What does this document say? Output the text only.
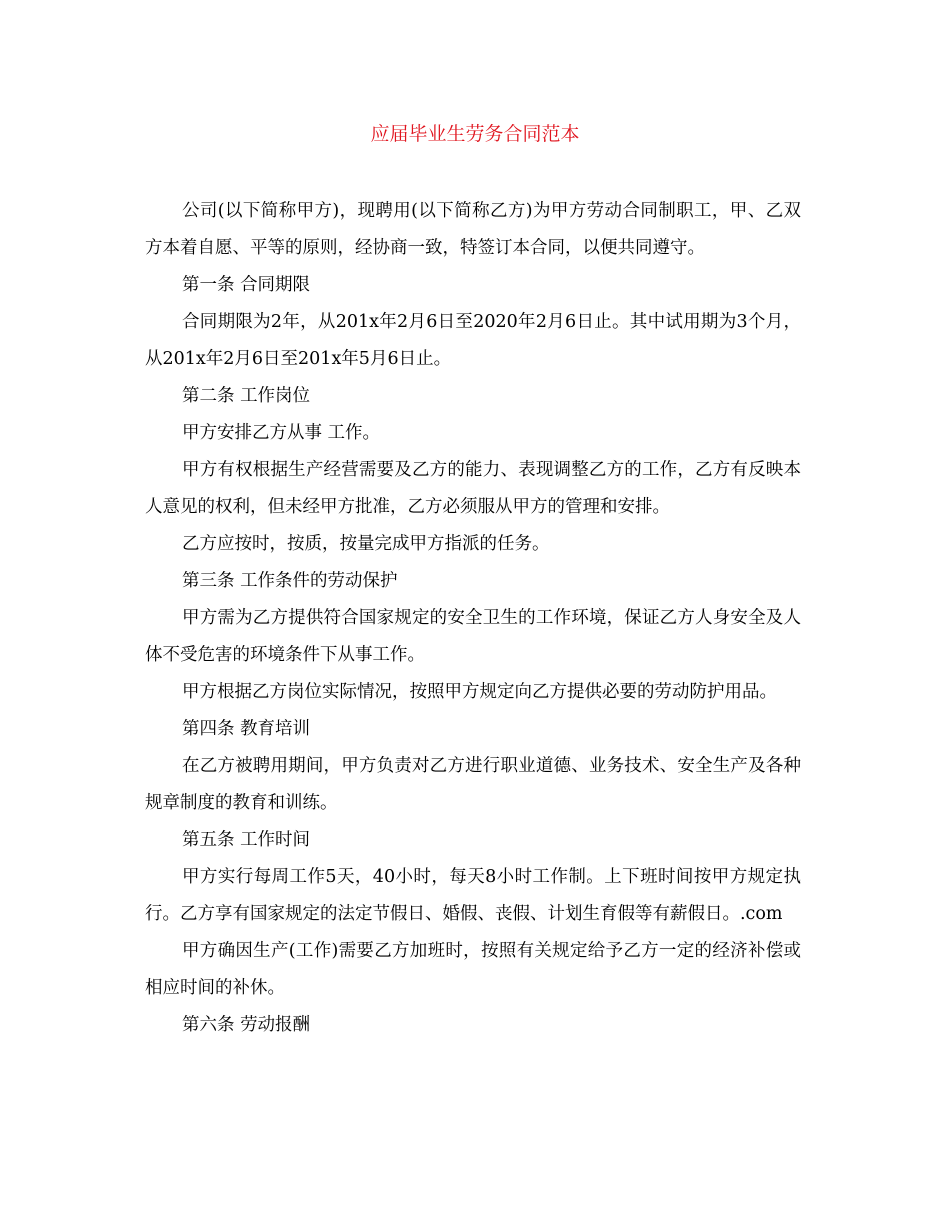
应届毕业生劳务合同范本

公司(以下简称甲方)，现聘用(以下简称乙方)为甲方劳动合同制职工，甲、乙双方本着自愿、平等的原则，经协商一致，特签订本合同，以便共同遵守。

第一条 合同期限

合同期限为2年，从201x年2月6日至2020年2月6日止。其中试用期为3个月，从201x年2月6日至201x年5月6日止。

第二条 工作岗位

甲方安排乙方从事 工作。

甲方有权根据生产经营需要及乙方的能力、表现调整乙方的工作，乙方有反映本人意见的权利，但未经甲方批准，乙方必须服从甲方的管理和安排。

乙方应按时，按质，按量完成甲方指派的任务。

第三条 工作条件的劳动保护

甲方需为乙方提供符合国家规定的安全卫生的工作环境，保证乙方人身安全及人体不受危害的环境条件下从事工作。

甲方根据乙方岗位实际情况，按照甲方规定向乙方提供必要的劳动防护用品。

第四条 教育培训

在乙方被聘用期间，甲方负责对乙方进行职业道德、业务技术、安全生产及各种规章制度的教育和训练。

第五条 工作时间

甲方实行每周工作5天，40小时，每天8小时工作制。上下班时间按甲方规定执行。乙方享有国家规定的法定节假日、婚假、丧假、计划生育假等有薪假日。.com

甲方确因生产(工作)需要乙方加班时，按照有关规定给予乙方一定的经济补偿或相应时间的补休。

第六条 劳动报酬
